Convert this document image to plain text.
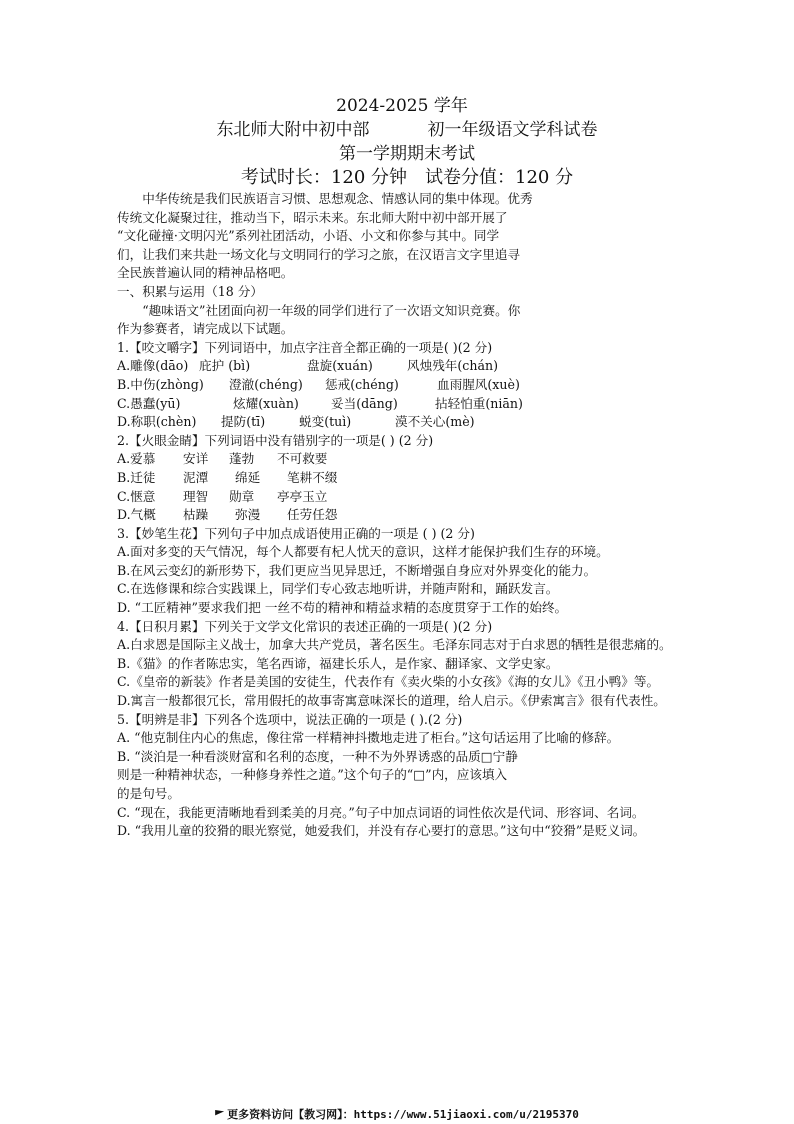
2024-2025 学年
东北师大附中初中部	初一年级语文学科试卷
第一学期期末考试
考试时长：120 分钟 试卷分值：120 分

中华传统是我们民族语言习惯、思想观念、情感认同的集中体现。优秀

传统文化凝聚过往，推动当下，昭示未来。东北师大附中初中部开展了

“文化碰撞·文明闪光”系列社团活动，小语、小文和你参与其中。同学

们，让我们来共赴一场文化与文明同行的学习之旅，在汉语言文字里追寻

全民族普遍认同的精神品格吧。

一、积累与运用（18 分）

“趣味语文”社团面向初一年级的同学们进行了一次语文知识竞赛。你

作为参赛者，请完成以下试题。

1.【咬文嚼字】下列词语中，加点字注音全都正确的一项是( )(2 分)

A.雕像(dāo) 庇护 (bì)	盘旋(xuán)	风烛残年(chán)

B.中伤(zhòng) 澄澈(chéng) 惩戒(chéng)	血雨腥风(xuè)

C.愚蠢(yū)	炫耀(xuàn)	妥当(dāng)	拈轻怕重(niān)

D.称职(chèn) 提防(tī)	蜕变(tuì)	漠不关心(mè)

2.【火眼金睛】下列词语中没有错别字的一项是( ) (2 分)

A.爱慕 安详 蓬勃 不可救要

B.迁徒 泥潭 绵延 笔耕不缀

C.惬意 理智 勋章 亭亭玉立

D.气概 枯躁 弥漫 任劳任怨

3.【妙笔生花】下列句子中加点成语使用正确的一项是 ( ) (2 分)

A.面对多变的天气情况，每个人都要有杞人忧天的意识，这样才能保护我们生存的环境。

B.在风云变幻的新形势下，我们更应当见异思迁，不断增强自身应对外界变化的能力。

C.在选修课和综合实践课上，同学们专心致志地听讲，并随声附和，踊跃发言。

D. “工匠精神”要求我们把 一丝不苟的精神和精益求精的态度贯穿于工作的始终。

4.【日积月累】下列关于文学文化常识的表述正确的一项是( )(2 分)

A.白求恩是国际主义战士，加拿大共产党员，著名医生。毛泽东同志对于白求恩的牺牲是很悲痛的。

B.《猫》的作者陈忠实，笔名西谛，福建长乐人，是作家、翻译家、文学史家。

C.《皇帝的新装》作者是美国的安徒生，代表作有《卖火柴的小女孩》《海的女儿》《丑小鸭》等。

D.寓言一般都很冗长，常用假托的故事寄寓意味深长的道理，给人启示。《伊索寓言》很有代表性。

5.【明辨是非】下列各个选项中，说法正确的一项是 ( ).(2 分)

A. “他克制住内心的焦虑，像往常一样精神抖擞地走进了柜台。”这句话运用了比喻的修辞。

B. “淡泊是一种看淡财富和名利的态度，一种不为外界诱惑的品质□宁静

则是一种精神状态，一种修身养性之道。”这个句子的“□”内，应该填入

的是句号。

C. “现在，我能更清晰地看到柔美的月亮。”句子中加点词语的词性依次是代词、形容词、名词。

D. “我用儿童的狡猾的眼光察觉，她爱我们，并没有存心要打的意思。”这句中“狡猾”是贬义词。

更多资料访问【教习网】：https://www.51jiaoxi.com/u/2195370
